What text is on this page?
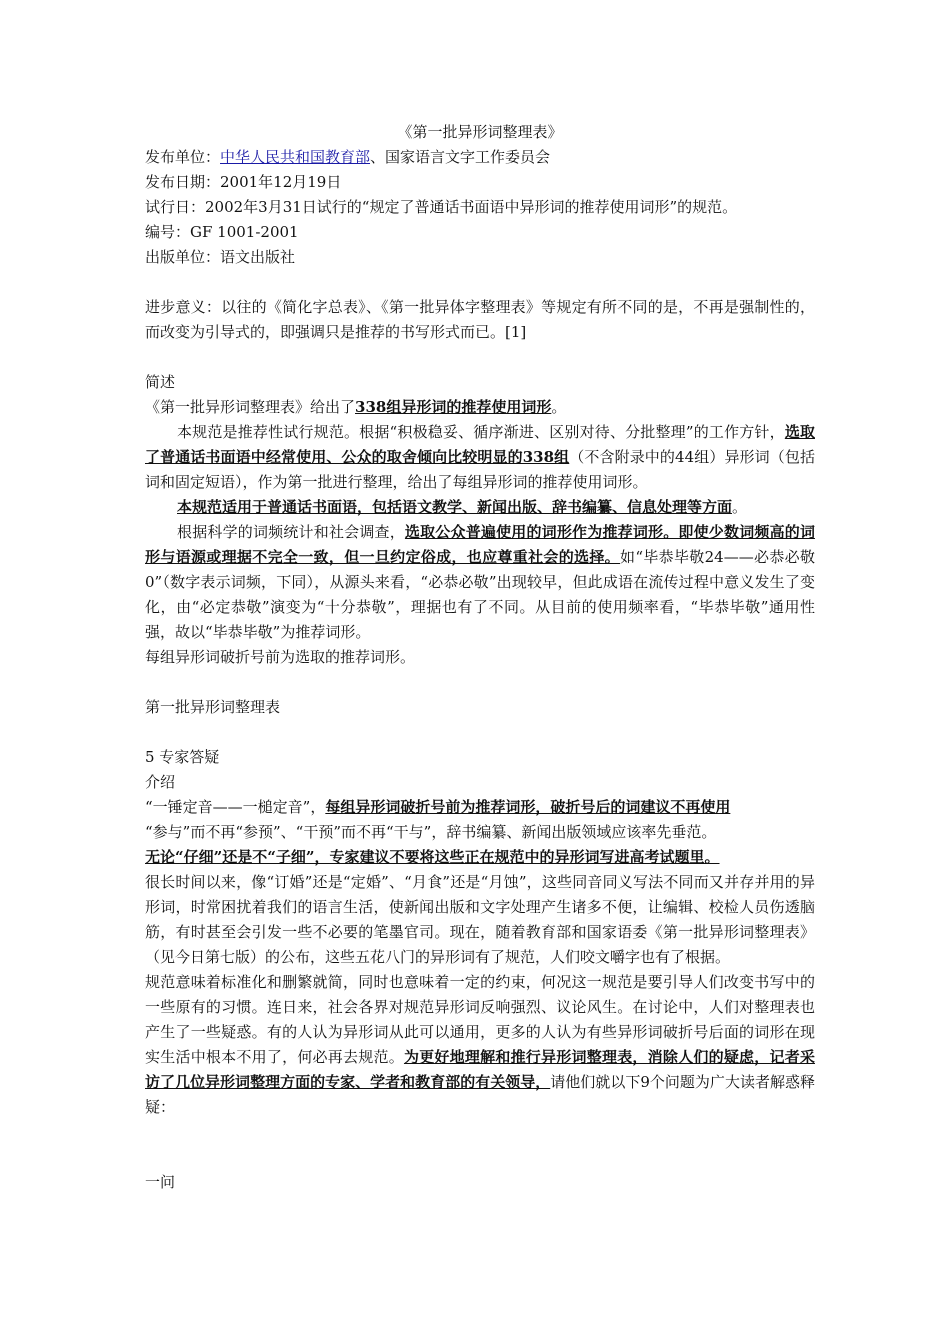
《第一批异形词整理表》

发布单位：中华人民共和国教育部、国家语言文字工作委员会

发布日期：2001年12月19日

试行日：2002年3月31日试行的“规定了普通话书面语中异形词的推荐使用词形”的规范。

编号：GF 1001-2001

出版单位：语文出版社

进步意义：以往的《简化字总表》、《第一批异体字整理表》等规定有所不同的是，不再是强制性的，而改变为引导式的，即强调只是推荐的书写形式而已。[1]

简述

《第一批异形词整理表》给出了338组异形词的推荐使用词形。

本规范是推荐性试行规范。根据“积极稳妥、循序渐进、区别对待、分批整理”的工作方针，选取了普通话书面语中经常使用、公众的取舍倾向比较明显的338组（不含附录中的44组）异形词（包括词和固定短语），作为第一批进行整理，给出了每组异形词的推荐使用词形。

本规范适用于普通话书面语，包括语文教学、新闻出版、辞书编纂、信息处理等方面。

根据科学的词频统计和社会调查，选取公众普遍使用的词形作为推荐词形。即使少数词频高的词形与语源或理据不完全一致，但一旦约定俗成，也应尊重社会的选择。如“毕恭毕敬24——必恭必敬0”（数字表示词频，下同），从源头来看，“必恭必敬”出现较早，但此成语在流传过程中意义发生了变化，由“必定恭敬”演变为“十分恭敬”，理据也有了不同。从目前的使用频率看，“毕恭毕敬”通用性强，故以“毕恭毕敬”为推荐词形。

每组异形词破折号前为选取的推荐词形。

第一批异形词整理表

5 专家答疑

介绍

“一锤定音——一槌定音”，每组异形词破折号前为推荐词形，破折号后的词建议不再使用

“参与”而不再“参预”、“干预”而不再“干与”，辞书编纂、新闻出版领域应该率先垂范。

无论“仔细”还是不“子细”，专家建议不要将这些正在规范中的异形词写进高考试题里。

很长时间以来，像“订婚”还是“定婚”、“月食”还是“月蚀”，这些同音同义写法不同而又并存并用的异形词，时常困扰着我们的语言生活，使新闻出版和文字处理产生诸多不便，让编辑、校检人员伤透脑筋，有时甚至会引发一些不必要的笔墨官司。现在，随着教育部和国家语委《第一批异形词整理表》（见今日第七版）的公布，这些五花八门的异形词有了规范，人们咬文嚼字也有了根据。

规范意味着标准化和删繁就简，同时也意味着一定的约束，何况这一规范是要引导人们改变书写中的一些原有的习惯。连日来，社会各界对规范异形词反响强烈、议论风生。在讨论中，人们对整理表也产生了一些疑惑。有的人认为异形词从此可以通用，更多的人认为有些异形词破折号后面的词形在现实生活中根本不用了，何必再去规范。为更好地理解和推行异形词整理表，消除人们的疑虑，记者采访了几位异形词整理方面的专家、学者和教育部的有关领导，请他们就以下9个问题为广大读者解惑释疑：

一问
